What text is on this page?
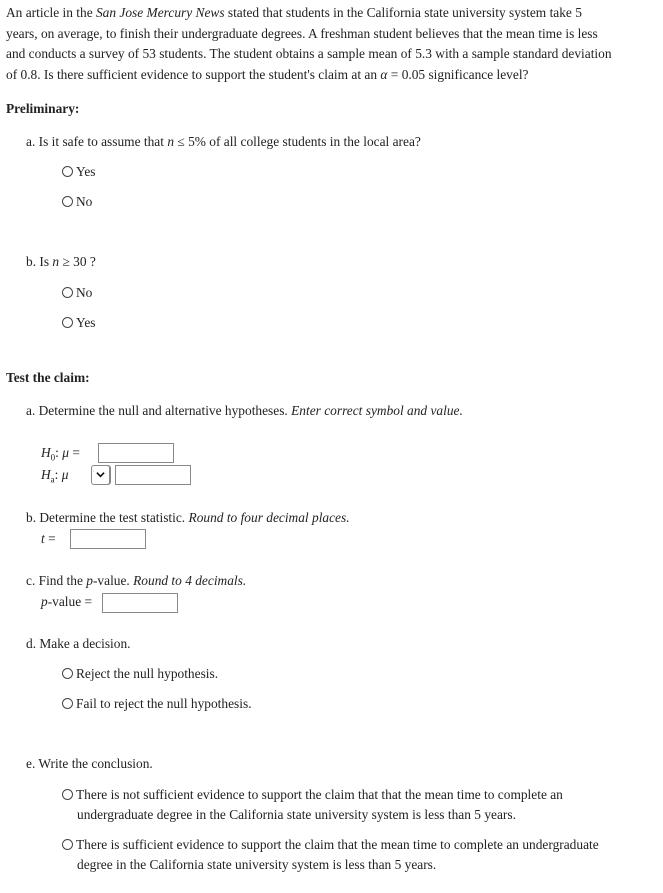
An article in the San Jose Mercury News stated that students in the California state university system take 5
years, on average, to finish their undergraduate degrees. A freshman student believes that the mean time is less
and conducts a survey of 53 students. The student obtains a sample mean of 5.3 with a sample standard deviation
of 0.8. Is there sufficient evidence to support the student's claim at an α = 0.05 significance level?
Preliminary:
a. Is it safe to assume that n ≤ 5% of all college students in the local area?
Yes
No
b. Is n ≥ 30 ?
No
Yes
Test the claim:
a. Determine the null and alternative hypotheses. Enter correct symbol and value.
$H_0$: μ =
$H_a$: μ
b. Determine the test statistic. Round to four decimal places.
t =
c. Find the p-value. Round to 4 decimals.
p-value =
d. Make a decision.
Reject the null hypothesis.
Fail to reject the null hypothesis.
e. Write the conclusion.
There is not sufficient evidence to support the claim that that the mean time to complete an
undergraduate degree in the California state university system is less than 5 years.
There is sufficient evidence to support the claim that the mean time to complete an undergraduate
degree in the California state university system is less than 5 years.
